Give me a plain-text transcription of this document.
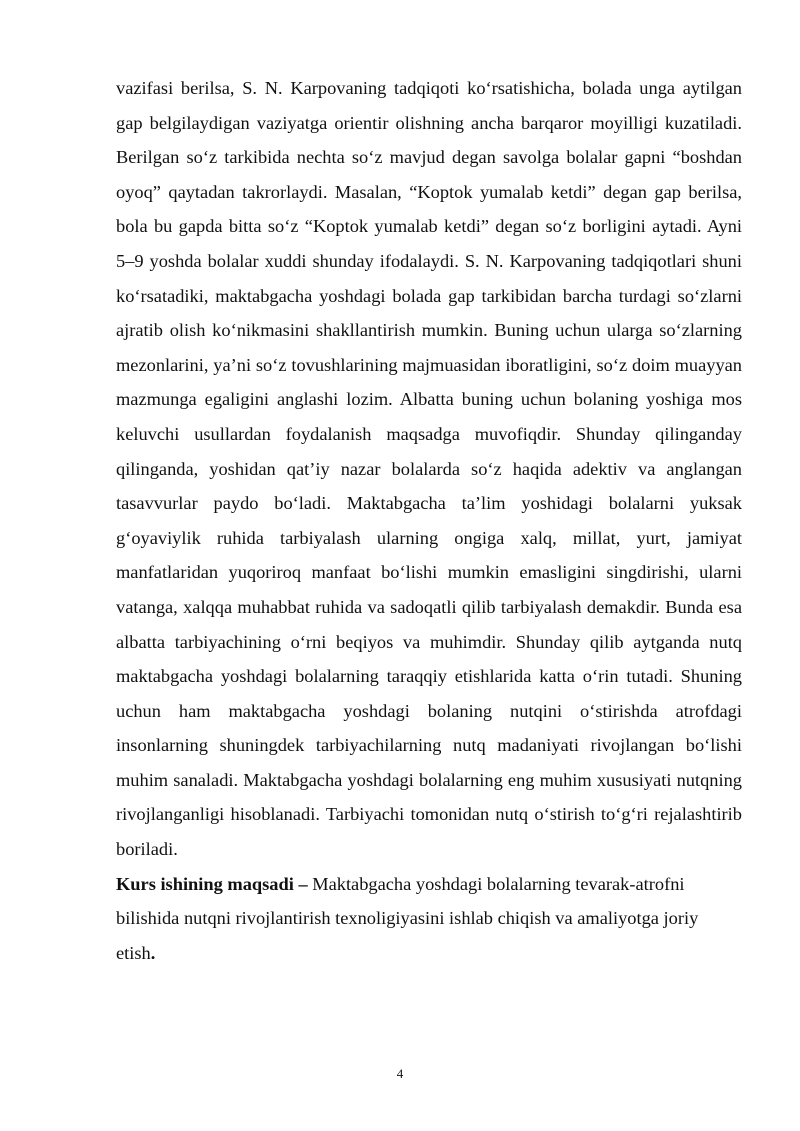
vazifasi berilsa, S. N. Karpovaning tadqiqoti ko‘rsatishicha, bolada unga aytilgan gap belgilaydigan vaziyatga orientir olishning ancha barqaror moyilligi kuzatiladi. Berilgan so‘z tarkibida nechta so‘z mavjud degan savolga bolalar gapni “boshdan oyoq” qaytadan takrorlaydi. Masalan, “Koptok yumalab ketdi” degan gap berilsa, bola bu gapda bitta so‘z “Koptok yumalab ketdi” degan so‘z borligini aytadi. Ayni 5–9 yoshda bolalar xuddi shunday ifodalaydi. S. N. Karpovaning tadqiqotlari shuni ko‘rsatadiki, maktabgacha yoshdagi bolada gap tarkibidan barcha turdagi so‘zlarni ajratib olish ko‘nikmasini shakllantirish mumkin. Buning uchun ularga so‘zlarning mezonlarini, ya’ni so‘z tovushlarining majmuasidan iboratligini, so‘z doim muayyan mazmunga egaligini anglashi lozim. Albatta buning uchun bolaning yoshiga mos keluvchi usullardan foydalanish maqsadga muvofiqdir. Shunday qilinganday qilinganda, yoshidan qat’iy nazar bolalarda so‘z haqida adektiv va anglangan tasavvurlar paydo bo‘ladi. Maktabgacha ta’lim yoshidagi bolalarni yuksak g‘oyaviylik ruhida tarbiyalash ularning ongiga xalq, millat, yurt, jamiyat manfatlaridan yuqoriroq manfaat bo‘lishi mumkin emasligini singdirishi, ularni vatanga, xalqqa muhabbat ruhida va sadoqatli qilib tarbiyalash demakdir. Bunda esa albatta tarbiyachining o‘rni beqiyos va muhimdir. Shunday qilib aytganda nutq maktabgacha yoshdagi bolalarning taraqqiy etishlarida katta o‘rin tutadi. Shuning uchun ham maktabgacha yoshdagi bolaning nutqini o‘stirishda atrofdagi insonlarning shuningdek tarbiyachilarning nutq madaniyati rivojlangan bo‘lishi muhim sanaladi. Maktabgacha yoshdagi bolalarning eng muhim xususiyati nutqning rivojlanganligi hisoblanadi. Tarbiyachi tomonidan nutq o‘stirish to‘g‘ri rejalashtirib boriladi.

Kurs ishining maqsadi – Maktabgacha yoshdagi bolalarning tevarak-atrofni bilishida nutqni rivojlantirish texnoligiyasini ishlab chiqish va amaliyotga joriy etish.

4
